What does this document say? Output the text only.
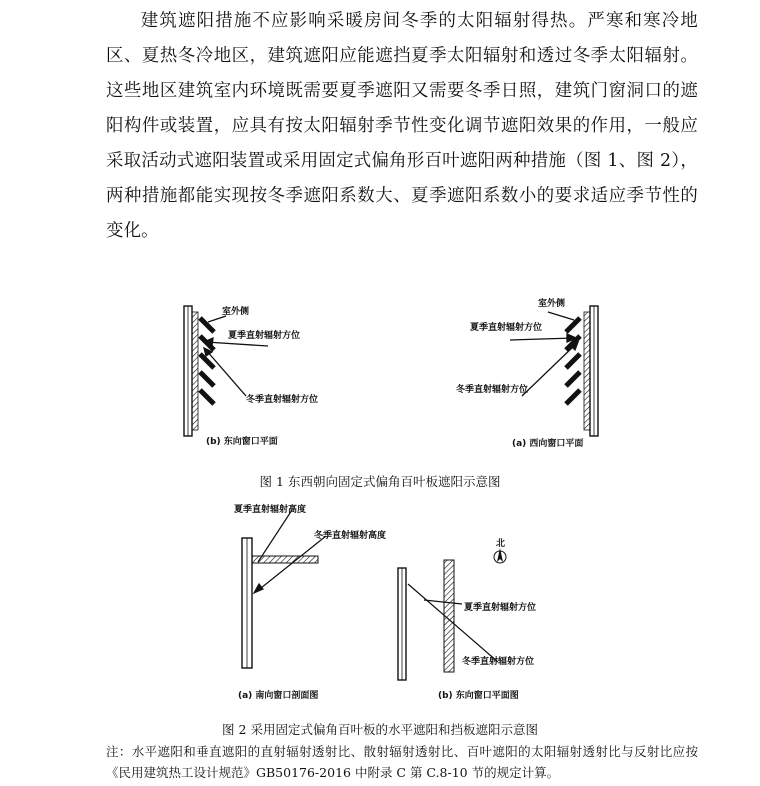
建筑遮阳措施不应影响采暖房间冬季的太阳辐射得热。严寒和寒冷地区、夏热冬冷地区，建筑遮阳应能遮挡夏季太阳辐射和透过冬季太阳辐射。这些地区建筑室内环境既需要夏季遮阳又需要冬季日照，建筑门窗洞口的遮阳构件或装置，应具有按太阳辐射季节性变化调节遮阳效果的作用，一般应采取活动式遮阳装置或采用固定式偏角形百叶遮阳两种措施（图 1、图 2），两种措施都能实现按冬季遮阳系数大、夏季遮阳系数小的要求适应季节性的变化。

室外侧
夏季直射辐射方位
冬季直射辐射方位
(b) 东向窗口平面
室外侧
夏季直射辐射方位
冬季直射辐射方位
(a) 西向窗口平面
夏季直射辐射高度
冬季直射辐射高度
(a) 南向窗口剖面图
北
夏季直射辐射方位
冬季直射辐射方位
(b) 东向窗口平面图

图 1 东西朝向固定式偏角百叶板遮阳示意图

图 2 采用固定式偏角百叶板的水平遮阳和挡板遮阳示意图

注：水平遮阳和垂直遮阳的直射辐射透射比、散射辐射透射比、百叶遮阳的太阳辐射透射比与反射比应按《民用建筑热工设计规范》GB50176-2016 中附录 C 第 C.8-10 节的规定计算。
